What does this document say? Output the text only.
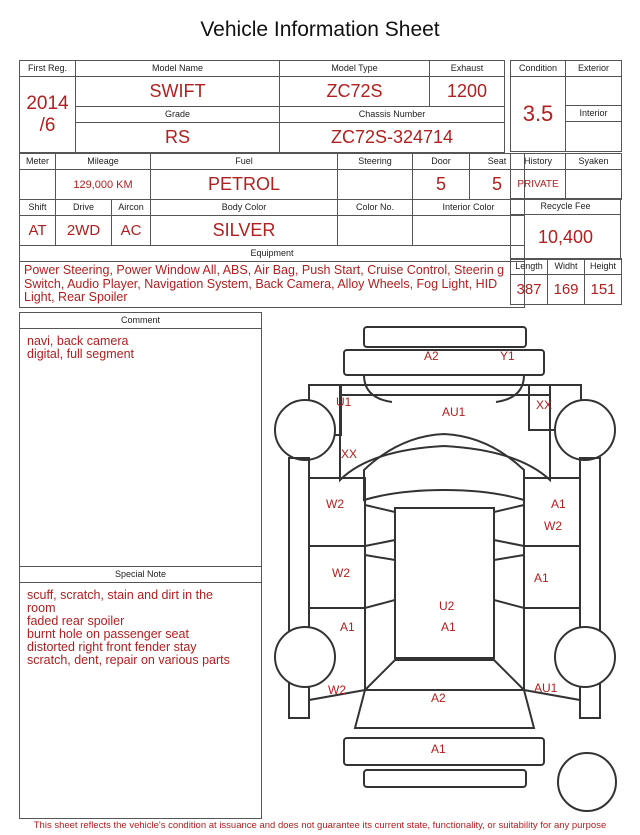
Vehicle Information Sheet
First Reg.	Model Name	Model Type	Exhaust

2014
/6	SWIFT	ZC72S	1200
	Grade	Chassis Number	
	RS	ZC72S-324714	
Condition	Exterior
3.5	
	Interior

Meter	Mileage		Fuel	Steering	Door	Seat
	129,000 KM		PETROL		5	5
Shift	Drive	Aircon	Body Color	Color No.	Interior Color	
AT	2WD	AC	SILVER			
Equipment						
Power Steering, Power Window All, ABS, Air Bag, Push Start, Cruise Control, Steerin g Switch, Audio Player, Navigation System, Back Camera, Alloy Wheels, Fog Light, HID Light, Rear Spoiler						
History	Syaken
PRIVATE	
Recycle Fee
10,400
Length	Widht	Height
387	169	151
Comment
navi, back camera
digital, full segment
Special Note
scuff, scratch, stain and dirt in the
room
faded rear spoiler
burnt hole on passenger seat
distorted right front fender stay
scratch, dent, repair on various parts
A2	Y1
U1
AU1	XX
XX
W2	A1
W2
W2	A1
U2
A1	A1
W2	AU1
A2
A1
This sheet reflects the vehicle's condition at issuance and does not guarantee its current state, functionality, or suitability for any purpose
